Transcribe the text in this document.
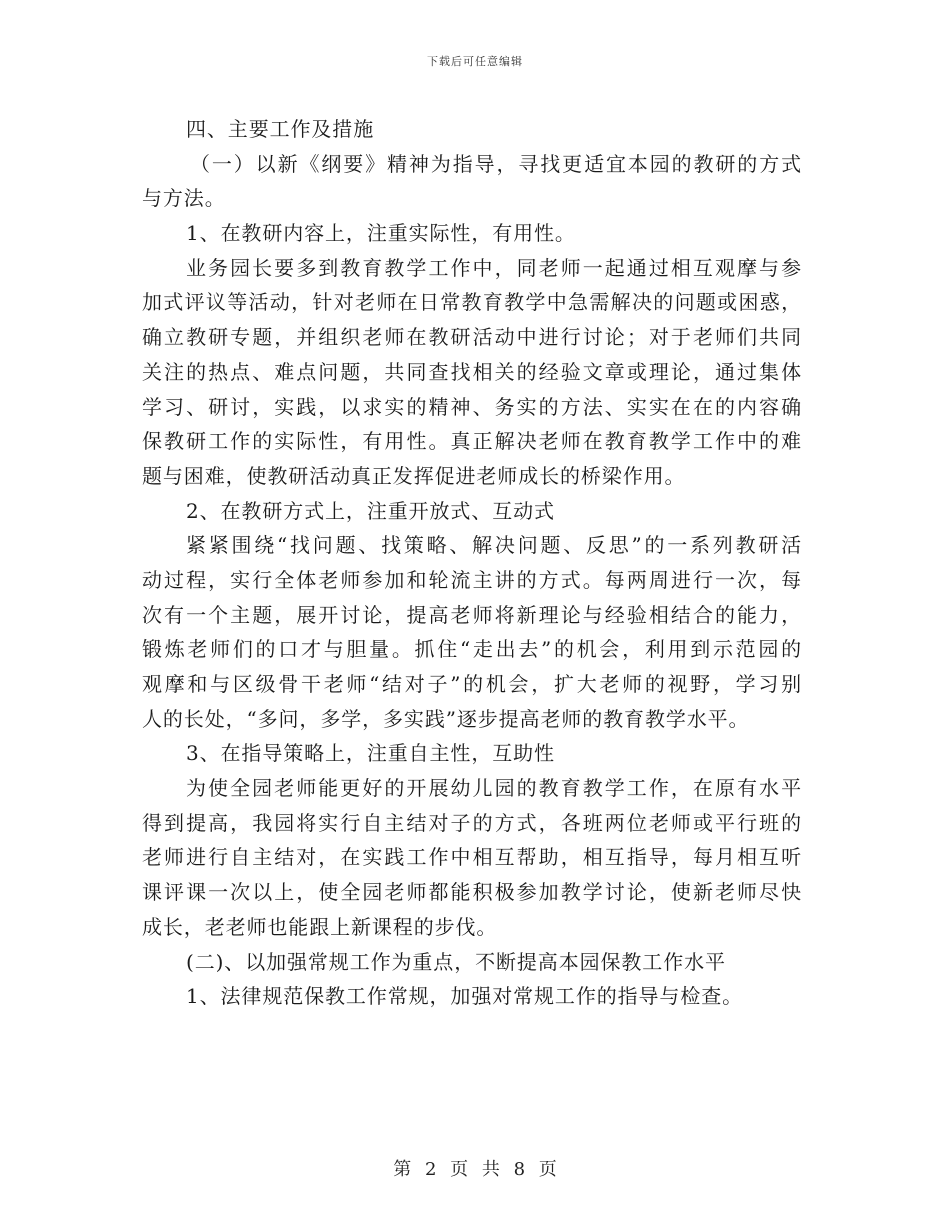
下载后可任意编辑
四、主要工作及措施
（一）以新《纲要》精神为指导，寻找更适宜本园的教研的方式
与方法。
1、在教研内容上，注重实际性，有用性。
业务园长要多到教育教学工作中，同老师一起通过相互观摩与参
加式评议等活动，针对老师在日常教育教学中急需解决的问题或困惑，
确立教研专题，并组织老师在教研活动中进行讨论；对于老师们共同
关注的热点、难点问题，共同查找相关的经验文章或理论，通过集体
学习、研讨，实践，以求实的精神、务实的方法、实实在在的内容确
保教研工作的实际性，有用性。真正解决老师在教育教学工作中的难
题与困难，使教研活动真正发挥促进老师成长的桥梁作用。
2、在教研方式上，注重开放式、互动式
紧紧围绕“找问题、找策略、解决问题、反思”的一系列教研活
动过程，实行全体老师参加和轮流主讲的方式。每两周进行一次，每
次有一个主题，展开讨论，提高老师将新理论与经验相结合的能力，
锻炼老师们的口才与胆量。抓住“走出去”的机会，利用到示范园的
观摩和与区级骨干老师“结对子”的机会，扩大老师的视野，学习别
人的长处，“多问，多学，多实践”逐步提高老师的教育教学水平。
3、在指导策略上，注重自主性，互助性
为使全园老师能更好的开展幼儿园的教育教学工作，在原有水平
得到提高，我园将实行自主结对子的方式，各班两位老师或平行班的
老师进行自主结对，在实践工作中相互帮助，相互指导，每月相互听
课评课一次以上，使全园老师都能积极参加教学讨论，使新老师尽快
成长，老老师也能跟上新课程的步伐。
(二)、以加强常规工作为重点，不断提高本园保教工作水平
1、法律规范保教工作常规，加强对常规工作的指导与检查。
第 2 页 共 8 页
